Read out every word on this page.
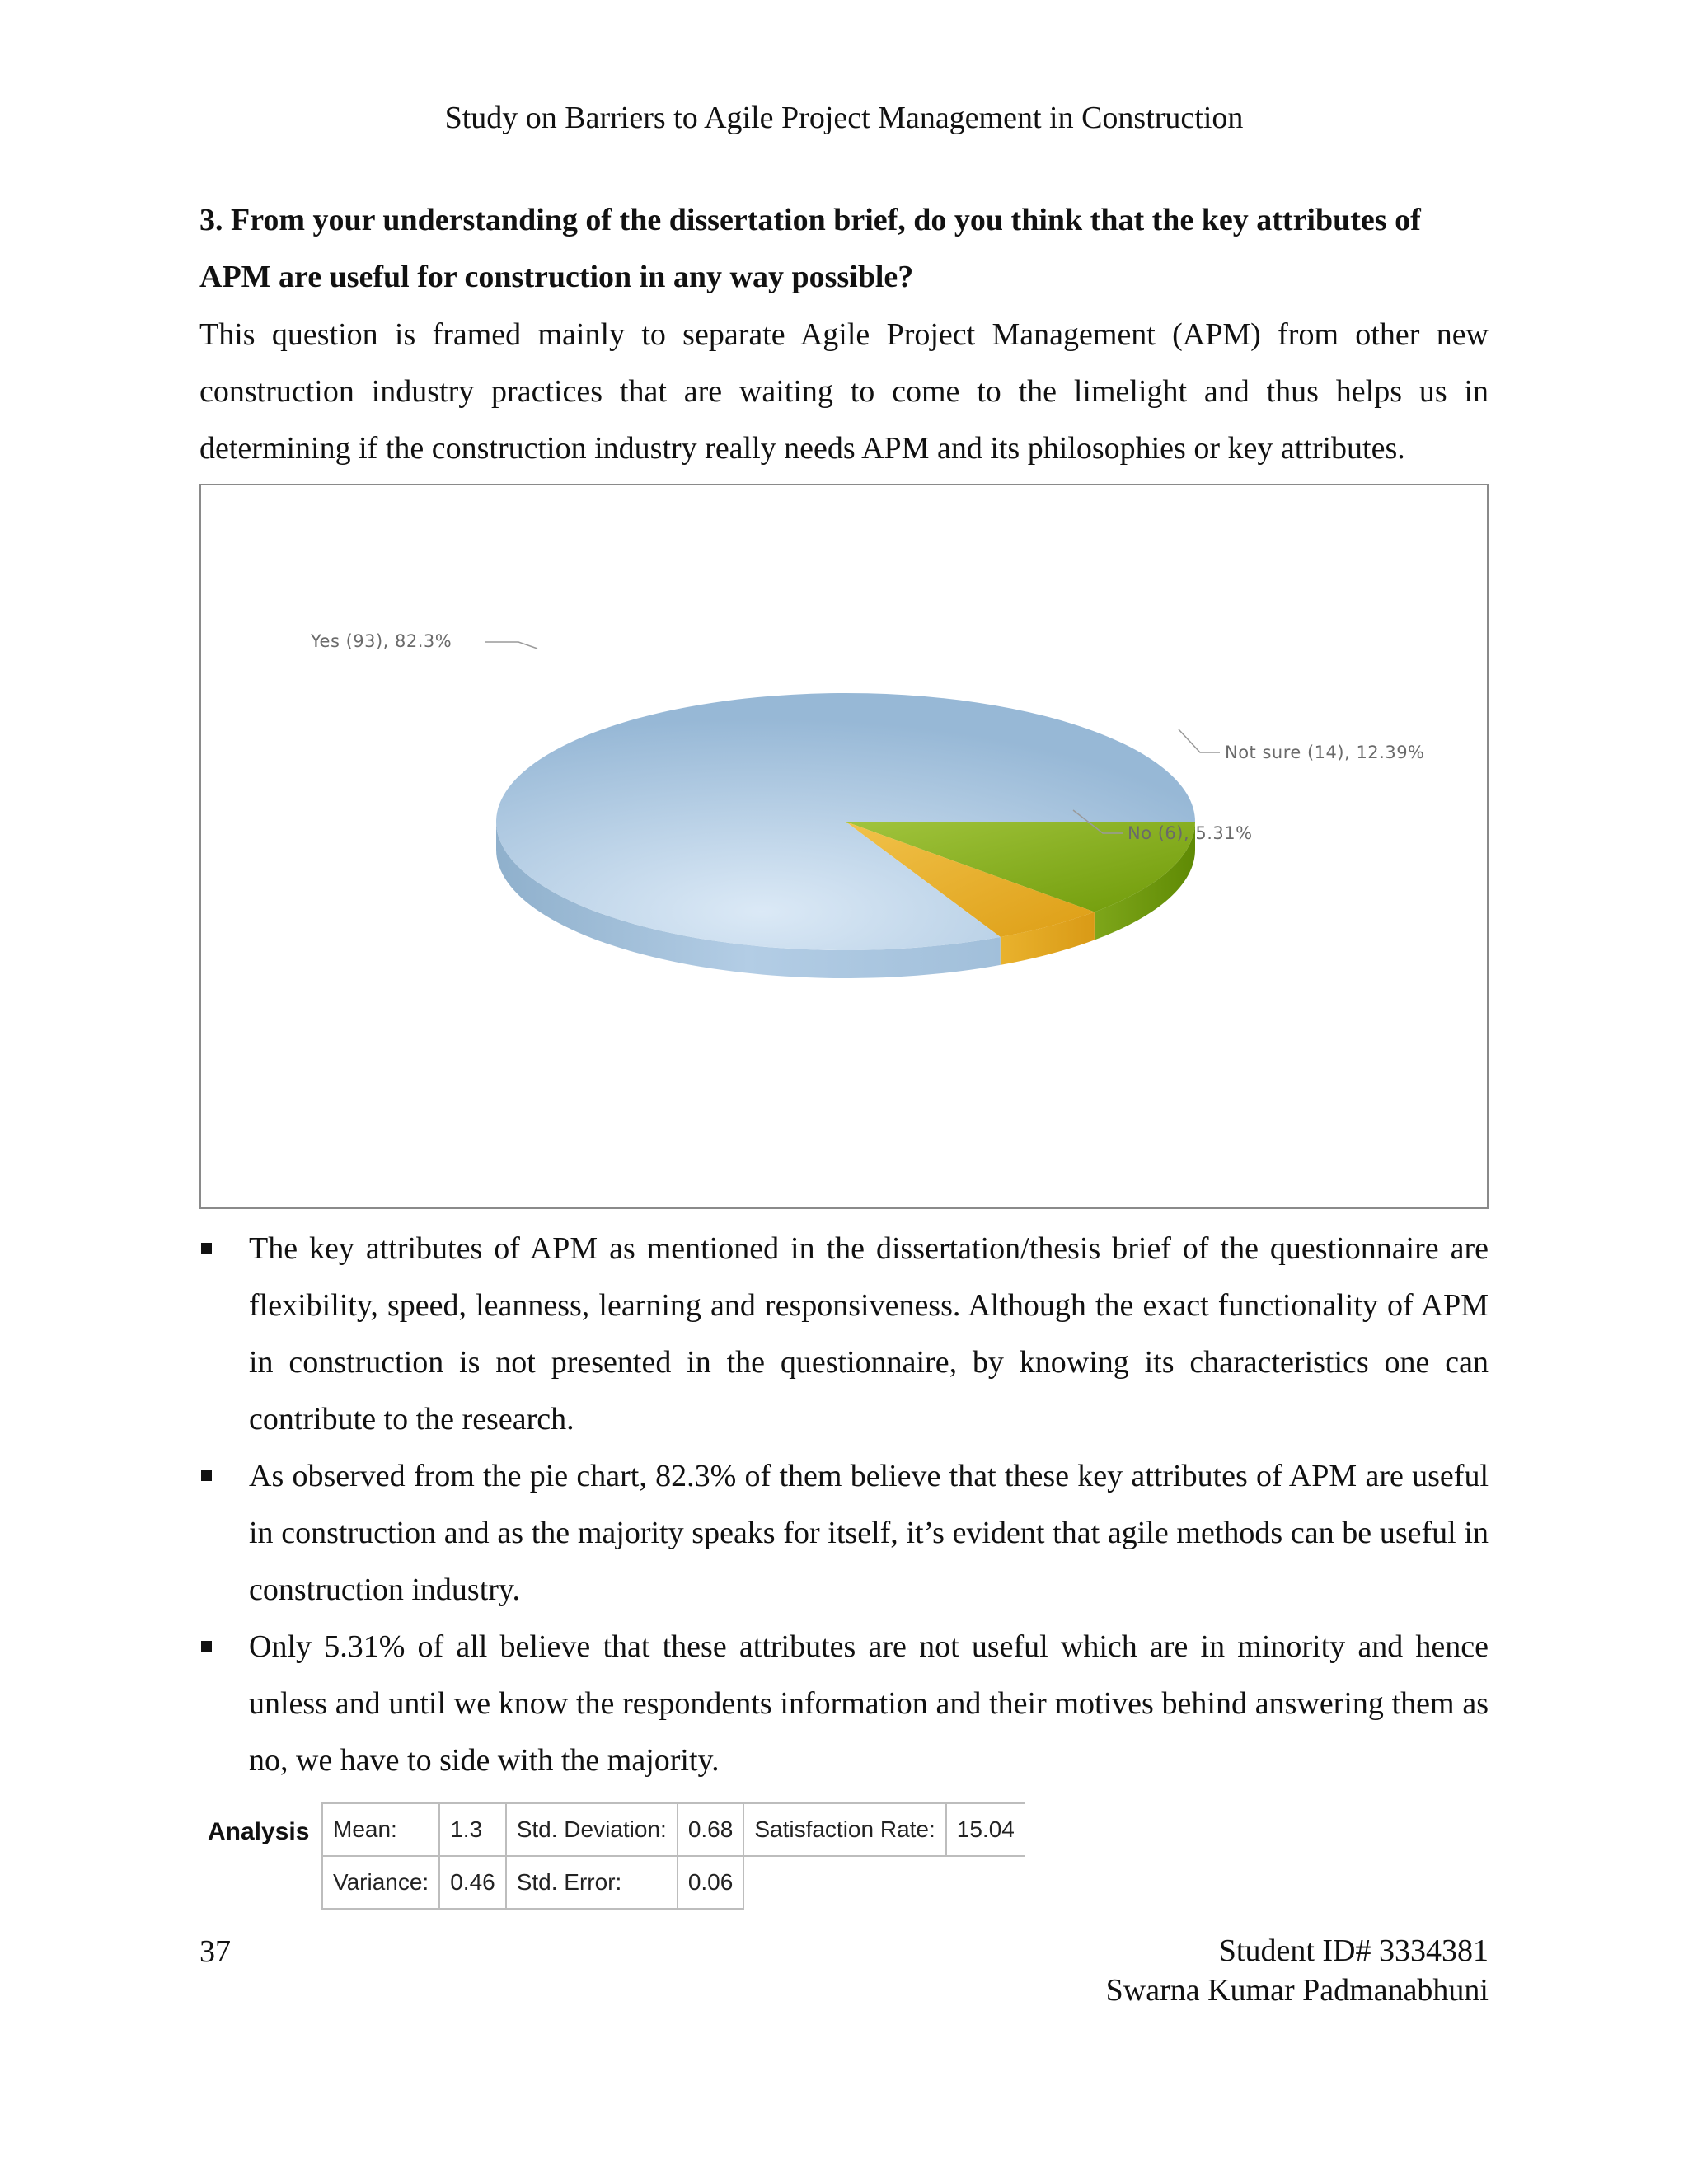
Study on Barriers to Agile Project Management in Construction
3. From your understanding of the dissertation brief, do you think that the key attributes of APM are useful for construction in any way possible?
This question is framed mainly to separate Agile Project Management (APM) from other new construction industry practices that are waiting to come to the limelight and thus helps us in determining if the construction industry really needs APM and its philosophies or key attributes.
Yes (93), 82.3%
Not sure (14), 12.39%
No (6), 5.31%
The key attributes of APM as mentioned in the dissertation/thesis brief of the questionnaire are flexibility, speed, leanness, learning and responsiveness. Although the exact functionality of APM in construction is not presented in the questionnaire, by knowing its characteristics one can contribute to the research.
As observed from the pie chart, 82.3% of them believe that these key attributes of APM are useful in construction and as the majority speaks for itself, it’s evident that agile methods can be useful in construction industry.
Only 5.31% of all believe that these attributes are not useful which are in minority and hence unless and until we know the respondents information and their motives behind answering them as no, we have to side with the majority.
Analysis Mean:	1.3	Std. Deviation:	0.68	Satisfaction Rate:	15.04
Variance:	0.46	Std. Error:	0.06		
37	Student ID# 3334381
Swarna Kumar Padmanabhuni
